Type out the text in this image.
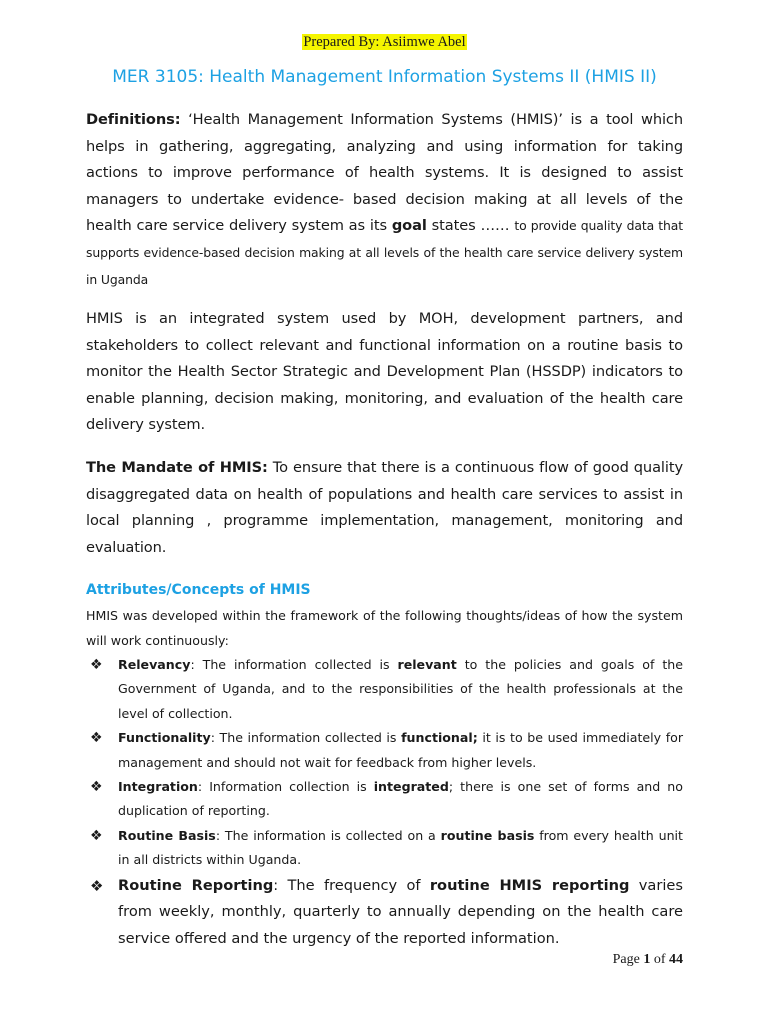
Prepared By: Asiimwe Abel
MER 3105: Health Management Information Systems II (HMIS II)

Definitions: ‘Health Management Information Systems (HMIS)’ is a tool which helps in gathering, aggregating, analyzing and using information for taking actions to improve performance of health systems. It is designed to assist managers to undertake evidence- based decision making at all levels of the health care service delivery system as its goal states …… to provide quality data that supports evidence-based decision making at all levels of the health care service delivery system in Uganda

HMIS is an integrated system used by MOH, development partners, and stakeholders to collect relevant and functional information on a routine basis to monitor the Health Sector Strategic and Development Plan (HSSDP) indicators to enable planning, decision making, monitoring, and evaluation of the health care delivery system.

The Mandate of HMIS: To ensure that there is a continuous flow of good quality disaggregated data on health of populations and health care services to assist in local planning , programme implementation, management, monitoring and evaluation.

Attributes/Concepts of HMIS

HMIS was developed within the framework of the following thoughts/ideas of how the system will work continuously:

❖ Relevancy: The information collected is relevant to the policies and goals of the Government of Uganda, and to the responsibilities of the health professionals at the level of collection.
❖ Functionality: The information collected is functional; it is to be used immediately for management and should not wait for feedback from higher levels.
❖ Integration: Information collection is integrated; there is one set of forms and no duplication of reporting.
❖ Routine Basis: The information is collected on a routine basis from every health unit in all districts within Uganda.
❖ Routine Reporting: The frequency of routine HMIS reporting varies from weekly, monthly, quarterly to annually depending on the health care service offered and the urgency of the reported information.
Page 1 of 44
